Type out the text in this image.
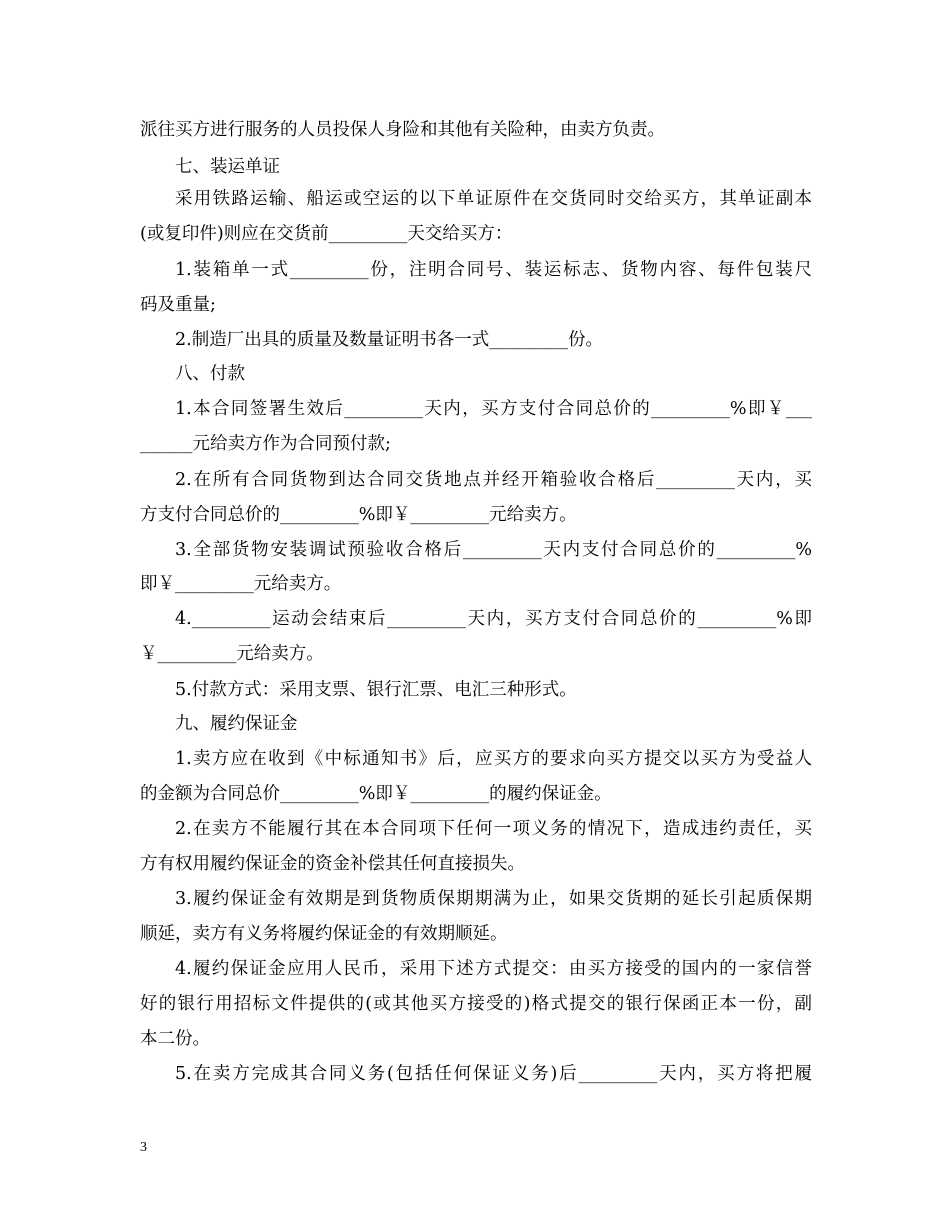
派往买方进行服务的人员投保人身险和其他有关险种，由卖方负责。
七、装运单证
采用铁路运输、船运或空运的以下单证原件在交货同时交给买方，其单证副本
(或复印件)则应在交货前_________天交给买方：
1.装箱单一式_________份，注明合同号、装运标志、货物内容、每件包装尺
码及重量;
2.制造厂出具的质量及数量证明书各一式_________份。
八、付款
1.本合同签署生效后_________天内，买方支付合同总价的_________%即￥___
______元给卖方作为合同预付款;
2.在所有合同货物到达合同交货地点并经开箱验收合格后_________天内，买
方支付合同总价的_________%即￥_________元给卖方。
3.全部货物安装调试预验收合格后_________天内支付合同总价的_________%
即￥_________元给卖方。
4._________运动会结束后_________天内，买方支付合同总价的_________%即
￥_________元给卖方。
5.付款方式：采用支票、银行汇票、电汇三种形式。
九、履约保证金
1.卖方应在收到《中标通知书》后，应买方的要求向买方提交以买方为受益人
的金额为合同总价_________%即￥_________的履约保证金。
2.在卖方不能履行其在本合同项下任何一项义务的情况下，造成违约责任，买
方有权用履约保证金的资金补偿其任何直接损失。
3.履约保证金有效期是到货物质保期期满为止，如果交货期的延长引起质保期
顺延，卖方有义务将履约保证金的有效期顺延。
4.履约保证金应用人民币，采用下述方式提交：由买方接受的国内的一家信誉
好的银行用招标文件提供的(或其他买方接受的)格式提交的银行保函正本一份，副
本二份。
5.在卖方完成其合同义务(包括任何保证义务)后_________天内，买方将把履
3
